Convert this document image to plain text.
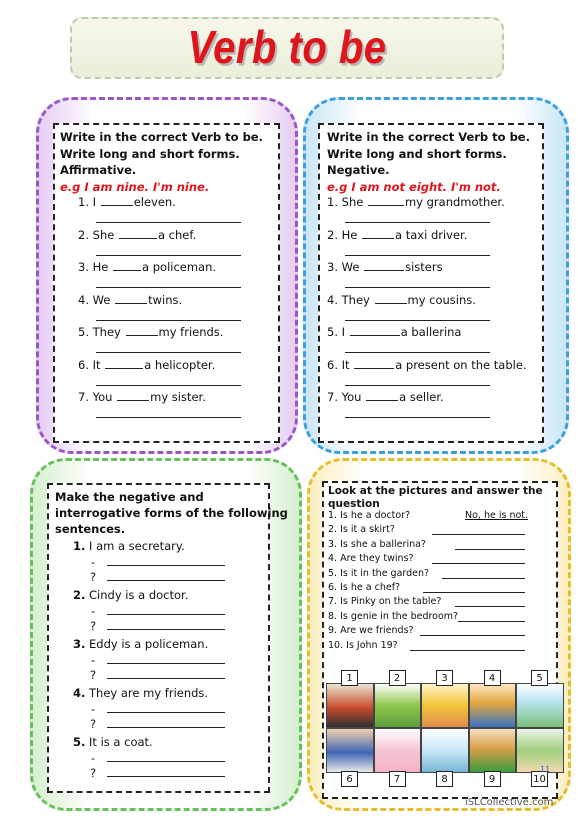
Verb to be
Write in the correct Verb to be.
Write long and short forms.
Affirmative.
e.g I am nine. I'm nine.
1. I	eleven.
2. She	a chef.
3. He	a policeman.
4. We	twins.
5. They	my friends.
6. It	a helicopter.
7. You	my sister.
Write in the correct Verb to be.
Write long and short forms.
Negative.
e.g I am not eight. I'm not.
1. She	my grandmother.
2. He	a taxi driver.
3. We	sisters
4. They	my cousins.
5. I	a ballerina
6. It	a present on the table.
7. You	a seller.
Make the negative and
interrogative forms of the following
sentences.
1. I am a secretary.
-
?
2. Cindy is a doctor.
-
?
3. Eddy is a policeman.
-
?
4. They are my friends.
-
?
5. It is a coat.
-
?
Look at the pictures and answer the
question
1. Is he a doctor?	No, he is not.
2. Is it a skirt?
3. Is she a ballerina?
4. Are they twins?
5. Is it in the garden?
6. Is he a chef?
7. Is Pinky on the table?
8. Is genie in the bedroom?
9. Are we friends?
10. Is John 19?
1	2	3	4	5
6	7	8	9	10
11
iSLCollective.com
